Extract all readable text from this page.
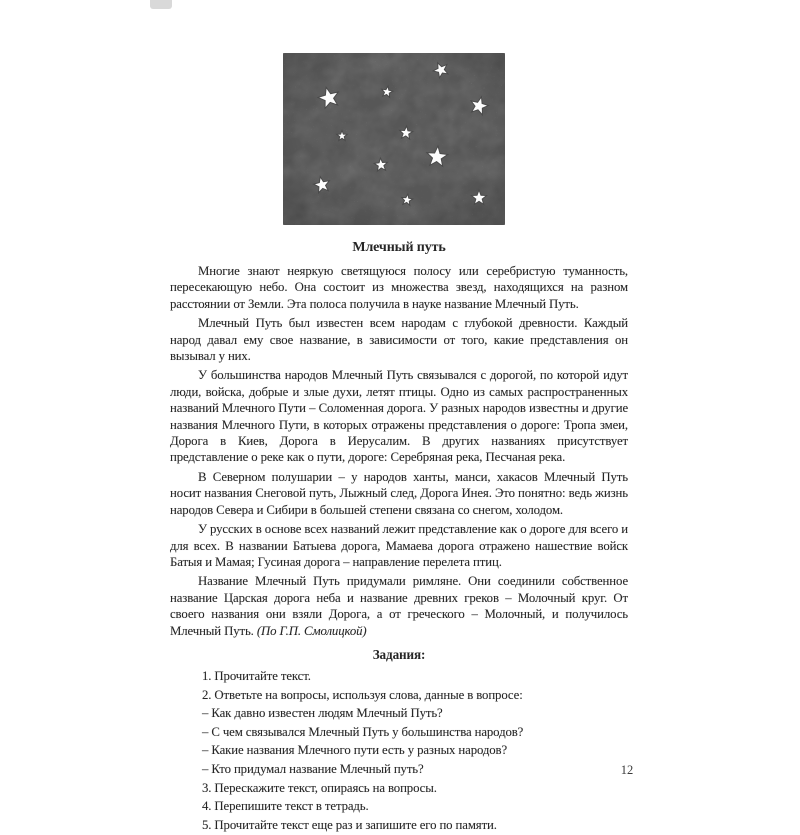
Млечный путь

Многие знают неяркую светящуюся полосу или серебристую туманность, пересекающую небо. Она состоит из множества звезд, находящихся на разном расстоянии от Земли. Эта полоса получила в науке название Млечный Путь.

Млечный Путь был известен всем народам с глубокой древности. Каждый народ давал ему свое название, в зависимости от того, какие представления он вызывал у них.

У большинства народов Млечный Путь связывался с дорогой, по которой идут люди, войска, добрые и злые духи, летят птицы. Одно из самых распространенных названий Млечного Пути – Соломенная дорога. У разных народов известны и другие названия Млечного Пути, в которых отражены представления о дороге: Тропа змеи, Дорога в Киев, Дорога в Иерусалим. В других названиях присутствует представление о реке как о пути, дороге: Серебряная река, Песчаная река.

В Северном полушарии – у народов ханты, манси, хакасов Млечный Путь носит названия Снеговой путь, Лыжный след, Дорога Инея. Это понятно: ведь жизнь народов Севера и Сибири в большей степени связана со снегом, холодом.

У русских в основе всех названий лежит представление как о дороге для всего и для всех. В названии Батыева дорога, Мамаева дорога отражено нашествие войск Батыя и Мамая; Гусиная дорога – направление перелета птиц.

Название Млечный Путь придумали римляне. Они соединили собственное название Царская дорога неба и название древних греков – Молочный круг. От своего названия они взяли Дорога, а от греческого – Молочный, и получилось Млечный Путь. (По Г.П. Смолицкой)

Задания:
1. Прочитайте текст.
2. Ответьте на вопросы, используя слова, данные в вопросе:
– Как давно известен людям Млечный Путь?
– С чем связывался Млечный Путь у большинства народов?
– Какие названия Млечного пути есть у разных народов?
– Кто придумал название Млечный путь?
3. Перескажите текст, опираясь на вопросы.
4. Перепишите текст в тетрадь.
5. Прочитайте текст еще раз и запишите его по памяти.
12
